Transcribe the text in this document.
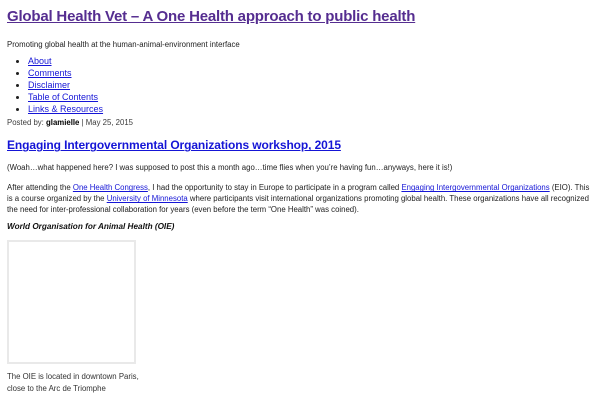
Global Health Vet – A One Health approach to public health

Promoting global health at the human-animal-environment interface

• About
• Comments
• Disclaimer
• Table of Contents
• Links & Resources

Posted by: glamielle | May 25, 2015

Engaging Intergovernmental Organizations workshop, 2015

(Woah…what happened here? I was supposed to post this a month ago…time flies when you’re having fun…anyways, here it is!)

After attending the One Health Congress, I had the opportunity to stay in Europe to participate in a program called Engaging Intergovernmental Organizations (EIO). This is a course organized by the University of Minnesota where participants visit international organizations promoting global health. These organizations have all recognized the need for inter-professional collaboration for years (even before the term “One Health” was coined).

World Organisation for Animal Health (OIE)

The OIE is located in downtown Paris, close to the Arc de Triomphe
